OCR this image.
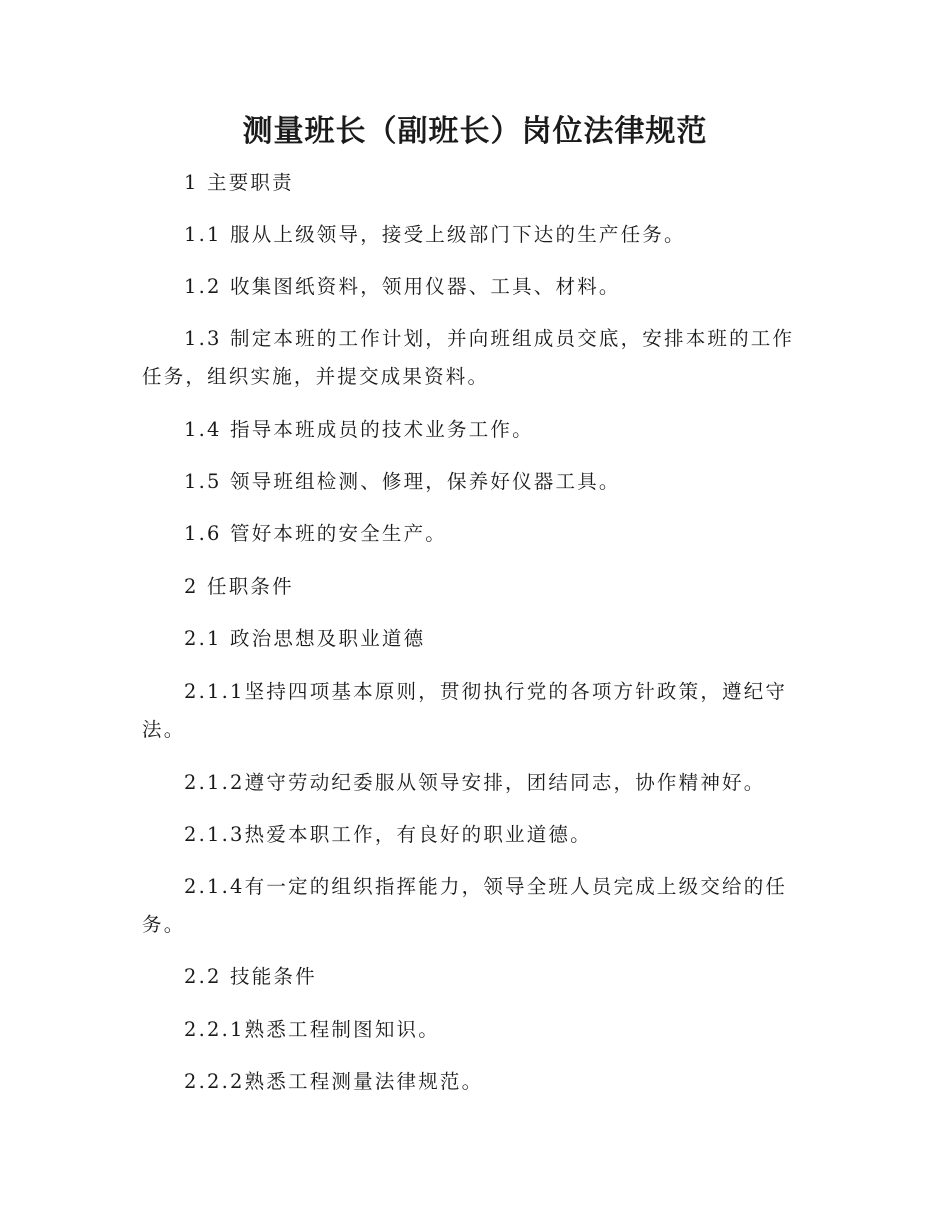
测量班长（副班长）岗位法律规范
1 主要职责
1.1 服从上级领导，接受上级部门下达的生产任务。
1.2 收集图纸资料，领用仪器、工具、材料。
1.3 制定本班的工作计划，并向班组成员交底，安排本班的工作任务，组织实施，并提交成果资料。
1.4 指导本班成员的技术业务工作。
1.5 领导班组检测、修理，保养好仪器工具。
1.6 管好本班的安全生产。
2 任职条件
2.1 政治思想及职业道德
2.1.1坚持四项基本原则，贯彻执行党的各项方针政策，遵纪守法。
2.1.2遵守劳动纪委服从领导安排，团结同志，协作精神好。
2.1.3热爱本职工作，有良好的职业道德。
2.1.4有一定的组织指挥能力，领导全班人员完成上级交给的任务。
2.2 技能条件
2.2.1熟悉工程制图知识。
2.2.2熟悉工程测量法律规范。
